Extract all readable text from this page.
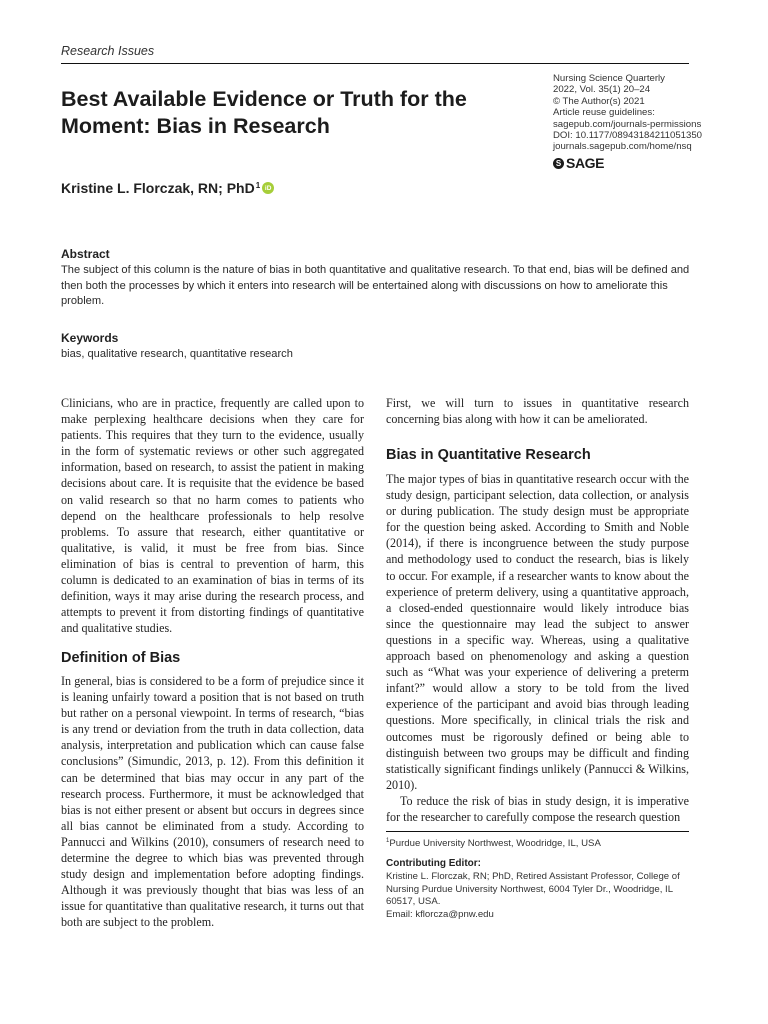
Research Issues
Best Available Evidence or Truth for the Moment: Bias in Research
Nursing Science Quarterly
2022, Vol. 35(1) 20–24
© The Author(s) 2021
Article reuse guidelines:
sagepub.com/journals-permissions
DOI: 10.1177/08943184211051350
journals.sagepub.com/home/nsq
S SAGE
Kristine L. Florczak, RN; PhD 1 iD
Abstract
The subject of this column is the nature of bias in both quantitative and qualitative research. To that end, bias will be defined and then both the processes by which it enters into research will be entertained along with discussions on how to ameliorate this problem.
Keywords
bias, qualitative research, quantitative research

Clinicians, who are in practice, frequently are called upon to make perplexing healthcare decisions when they care for patients. This requires that they turn to the evidence, usually in the form of systematic reviews or other such aggregated information, based on research, to assist the patient in making decisions about care. It is requisite that the evidence be based on valid research so that no harm comes to patients who depend on the healthcare professionals to help resolve problems. To assure that research, either quantitative or qualitative, is valid, it must be free from bias. Since elimination of bias is central to prevention of harm, this column is dedicated to an examination of bias in terms of its definition, ways it may arise during the research process, and attempts to prevent it from distorting findings of quantitative and qualitative studies.

Definition of Bias

In general, bias is considered to be a form of prejudice since it is leaning unfairly toward a position that is not based on truth but rather on a personal viewpoint. In terms of research, “bias is any trend or deviation from the truth in data collection, data analysis, interpretation and publication which can cause false conclusions” (Simundic, 2013, p. 12). From this definition it can be determined that bias may occur in any part of the research process. Furthermore, it must be acknowledged that bias is not either present or absent but occurs in degrees since all bias cannot be eliminated from a study. According to Pannucci and Wilkins (2010), consumers of research need to determine the degree to which bias was prevented through study design and implementation before adopting findings. Although it was previously thought that bias was less of an issue for quantitative than qualitative research, it turns out that both are subject to the problem.

First, we will turn to issues in quantitative research concerning bias along with how it can be ameliorated.

Bias in Quantitative Research

The major types of bias in quantitative research occur with the study design, participant selection, data collection, or analysis or during publication. The study design must be appropriate for the question being asked. According to Smith and Noble (2014), if there is incongruence between the study purpose and methodology used to conduct the research, bias is likely to occur. For example, if a researcher wants to know about the experience of preterm delivery, using a quantitative approach, a closed-ended questionnaire would likely introduce bias since the questionnaire may lead the subject to answer questions in a specific way. Whereas, using a qualitative approach based on phenomenology and asking a question such as “What was your experience of delivering a preterm infant?” would allow a story to be told from the lived experience of the participant and avoid bias through leading questions. More specifically, in clinical trials the risk and outcomes must be rigorously defined or being able to distinguish between two groups may be difficult and finding statistically significant findings unlikely (Pannucci & Wilkins, 2010).

To reduce the risk of bias in study design, it is imperative for the researcher to carefully compose the research question

$^1$Purdue University Northwest, Woodridge, IL, USA
Contributing Editor:
Kristine L. Florczak, RN; PhD, Retired Assistant Professor, College of
Nursing Purdue University Northwest, 6004 Tyler Dr., Woodridge, IL
60517, USA.
Email: kflorcza@pnw.edu
